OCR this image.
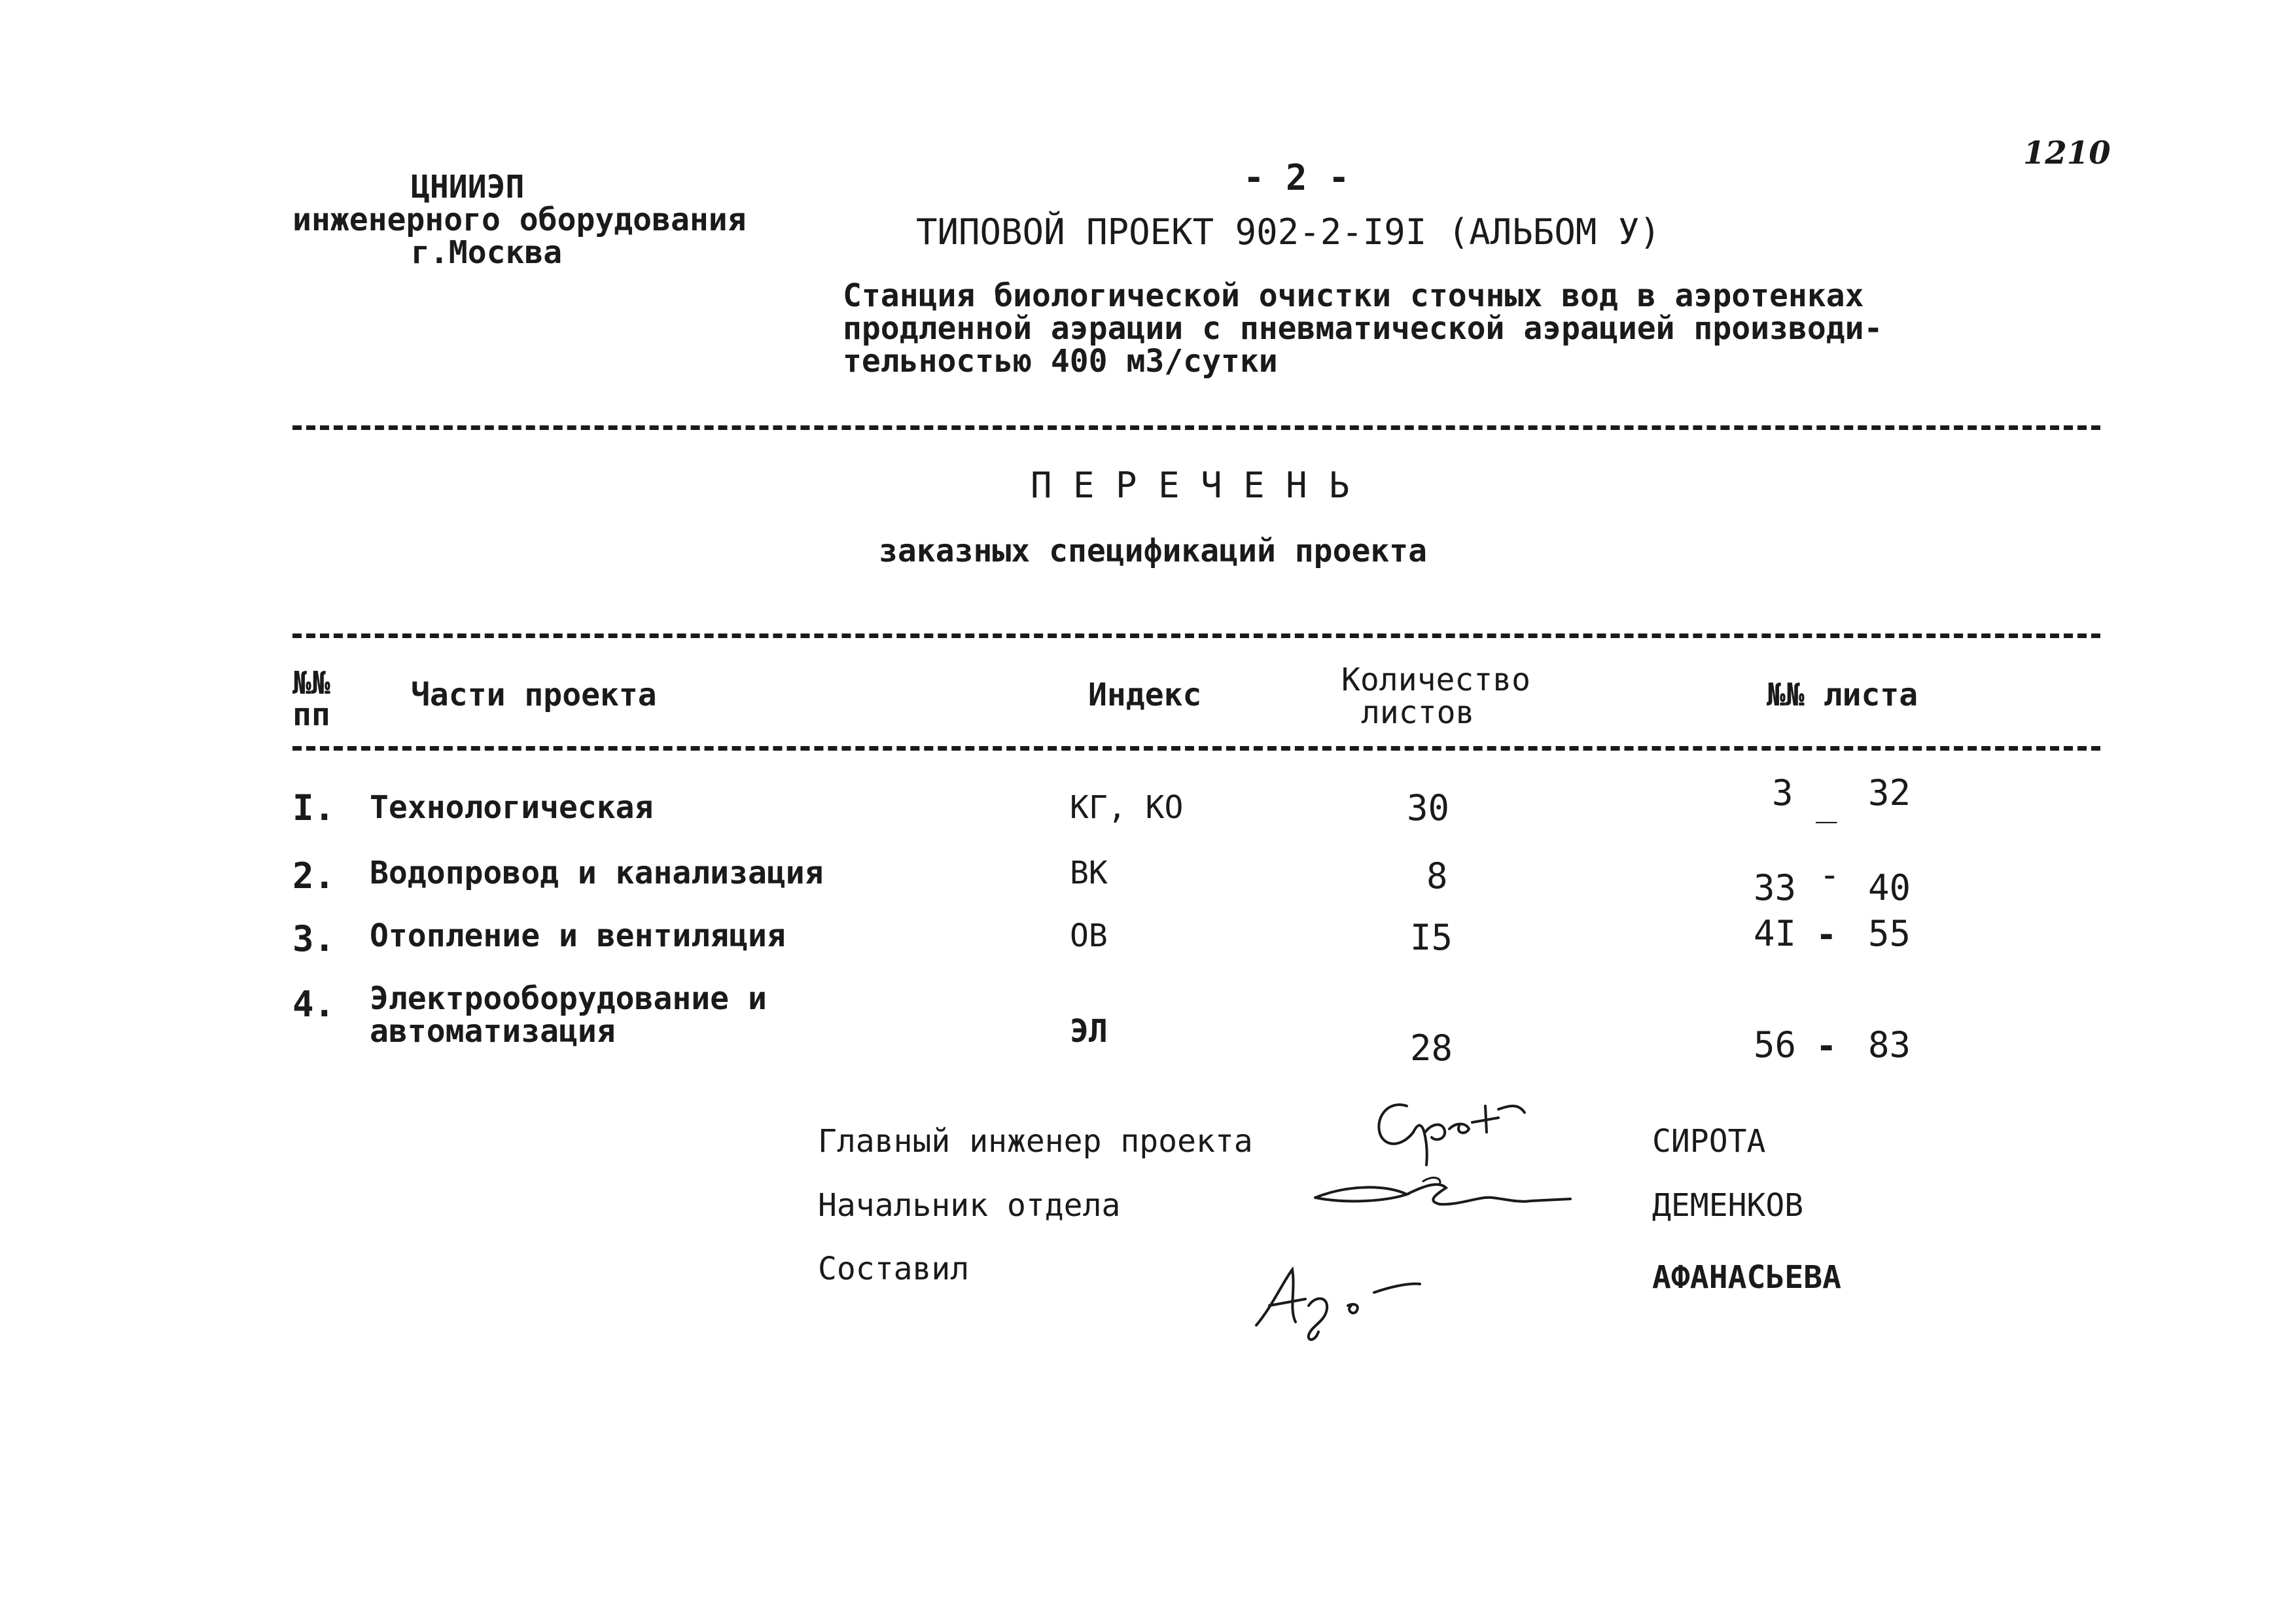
1210
- 2 -
ЦНИИЭП
инженерного оборудования
г.Москва	ТИПОВОЙ ПРОЕКТ 902-2-I9I (АЛЬБОМ У)
Станция биологической очистки сточных вод в аэротенках
продленной аэрации с пневматической аэрацией производи-
тельностью 400 м3/сутки
П Е Р Е Ч Е Н Ь
заказных спецификаций проекта
№№
пп
Части проекта	Индекс	Количество
листов	№№ листа
I. Технологическая	КГ, КО	30	3 _ 32
2. Водопровод и канализация	ВК	8	33 - 40
3. Отопление и вентиляция	ОВ	I5	4I - 55
4. Электрооборудование и
автоматизация	ЭЛ	28	56 - 83
Главный инженер проекта	СИРОТА
Начальник отдела	ДЕМЕНКОВ
Составил	АФАНАСЬЕВА
